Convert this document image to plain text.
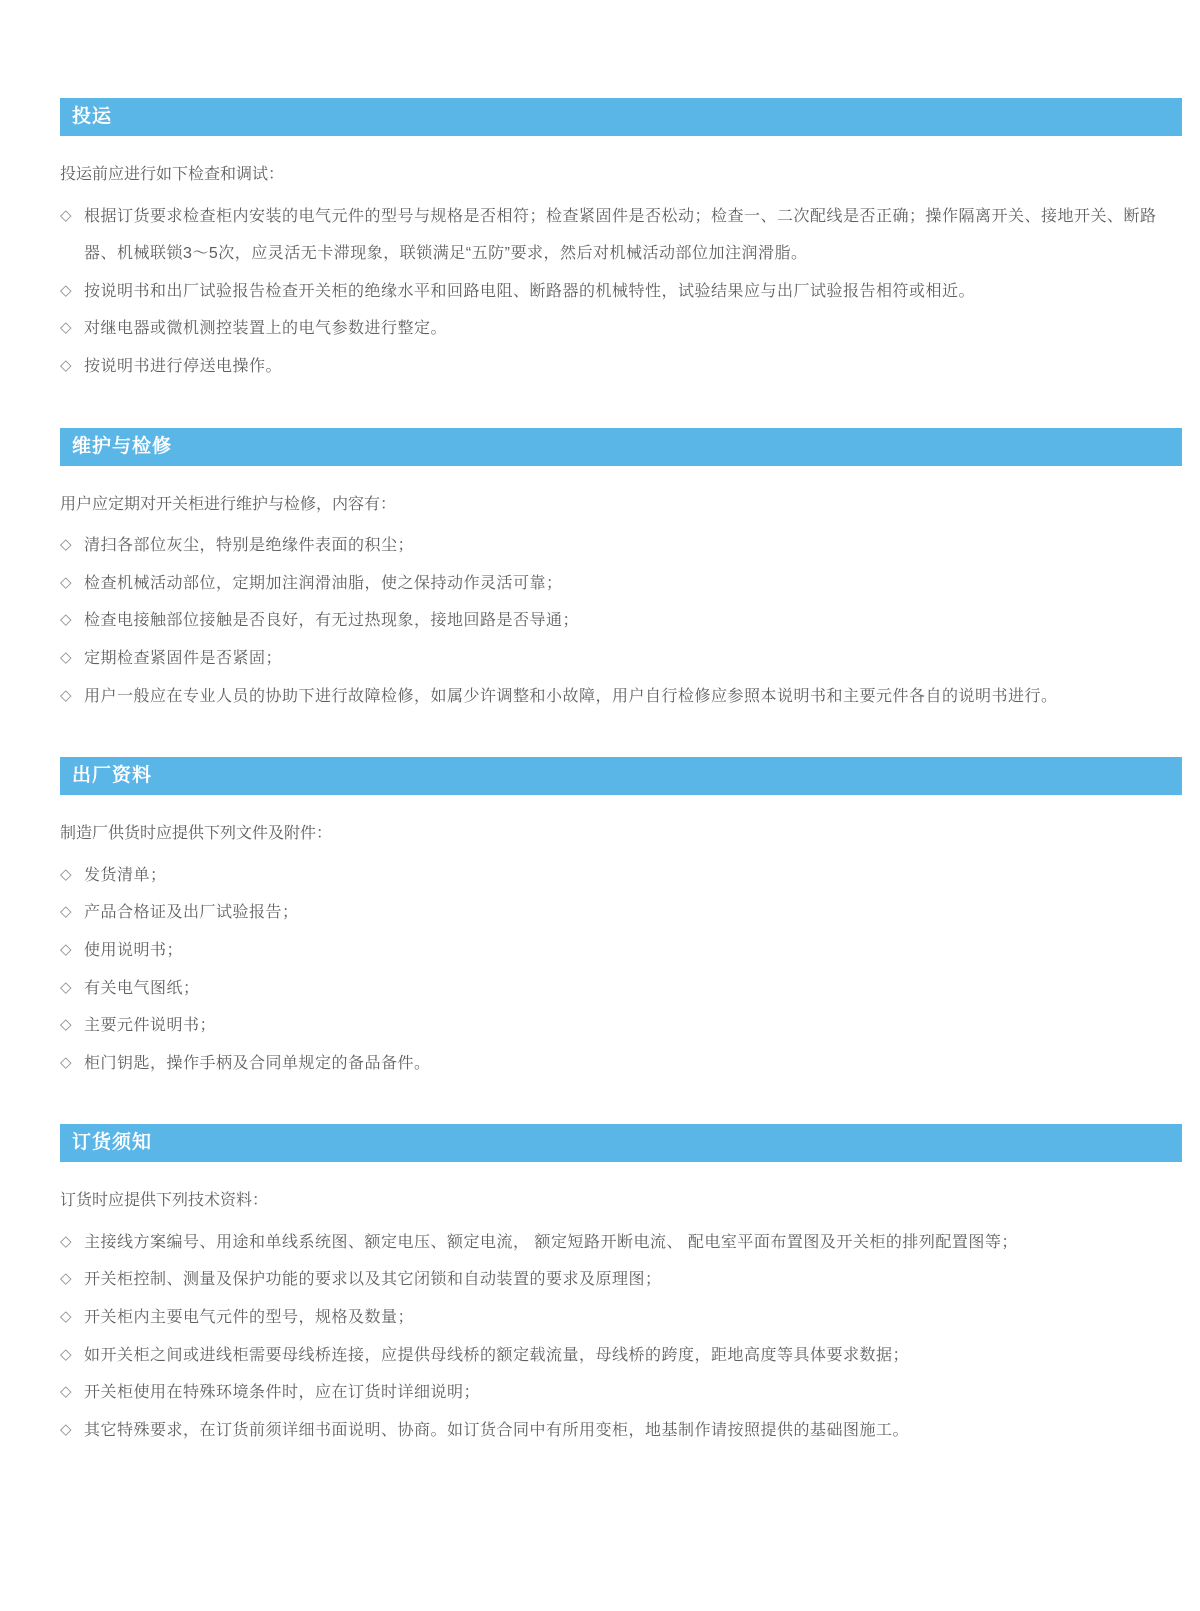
投运

投运前应进行如下检查和调试：

◇ 根据订货要求检查柜内安装的电气元件的型号与规格是否相符；检查紧固件是否松动；检查一、二次配线是否正确；操作隔离开关、接地开关、断路器、机械联锁3～5次，应灵活无卡滞现象，联锁满足“五防”要求，然后对机械活动部位加注润滑脂。
◇ 按说明书和出厂试验报告检查开关柜的绝缘水平和回路电阻、断路器的机械特性，试验结果应与出厂试验报告相符或相近。
◇ 对继电器或微机测控装置上的电气参数进行整定。
◇ 按说明书进行停送电操作。
维护与检修

用户应定期对开关柜进行维护与检修，内容有：

◇ 清扫各部位灰尘，特别是绝缘件表面的积尘；
◇ 检查机械活动部位，定期加注润滑油脂，使之保持动作灵活可靠；
◇ 检查电接触部位接触是否良好，有无过热现象，接地回路是否导通；
◇ 定期检查紧固件是否紧固；
◇ 用户一般应在专业人员的协助下进行故障检修，如属少许调整和小故障，用户自行检修应参照本说明书和主要元件各自的说明书进行。
出厂资料

制造厂供货时应提供下列文件及附件：

◇ 发货清单；
◇ 产品合格证及出厂试验报告；
◇ 使用说明书；
◇ 有关电气图纸；
◇ 主要元件说明书；
◇ 柜门钥匙，操作手柄及合同单规定的备品备件。
订货须知

订货时应提供下列技术资料：

◇ 主接线方案编号、用途和单线系统图、额定电压、额定电流， 额定短路开断电流、 配电室平面布置图及开关柜的排列配置图等；
◇ 开关柜控制、测量及保护功能的要求以及其它闭锁和自动装置的要求及原理图；
◇ 开关柜内主要电气元件的型号，规格及数量；
◇ 如开关柜之间或进线柜需要母线桥连接，应提供母线桥的额定载流量，母线桥的跨度，距地高度等具体要求数据；
◇ 开关柜使用在特殊环境条件时，应在订货时详细说明；
◇ 其它特殊要求，在订货前须详细书面说明、协商。如订货合同中有所用变柜，地基制作请按照提供的基础图施工。
